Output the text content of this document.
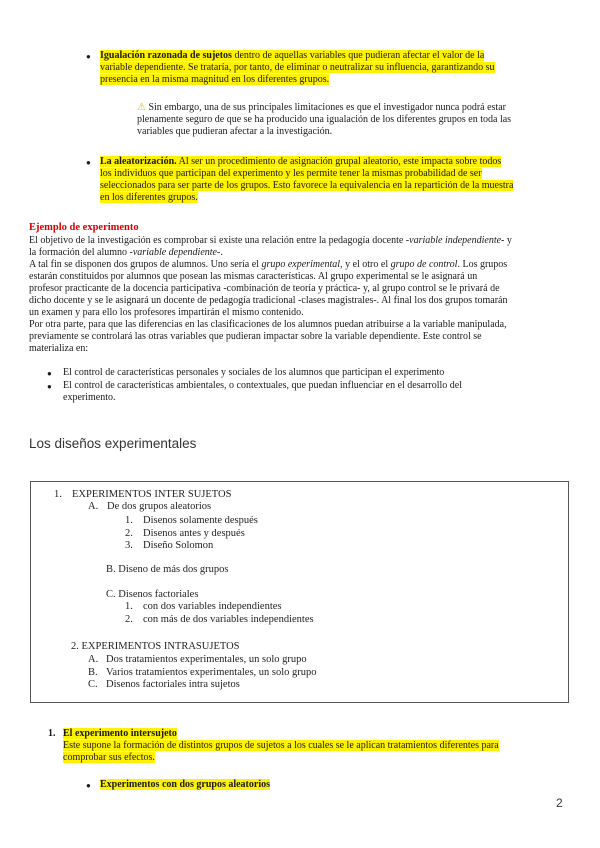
● Igualación razonada de sujetos dentro de aquellas variables que pudieran afectar el valor de la
variable dependiente. Se trataría, por tanto, de eliminar o neutralizar su influencia, garantizando su
presencia en la misma magnitud en los diferentes grupos.
⚠ Sin embargo, una de sus principales limitaciones es que el investigador nunca podrá estar
plenamente seguro de que se ha producido una igualación de los diferentes grupos en toda las
variables que pudieran afectar a la investigación.
● La aleatorización. Al ser un procedimiento de asignación grupal aleatorio, este impacta sobre todos
los individuos que participan del experimento y les permite tener la mismas probabilidad de ser
seleccionados para ser parte de los grupos. Esto favorece la equivalencia en la repartición de la muestra
en los diferentes grupos.
Ejemplo de experimento
El objetivo de la investigación es comprobar si existe una relación entre la pedagogía docente -variable independiente- y
la formación del alumno -variable dependiente-.
A tal fin se disponen dos grupos de alumnos. Uno sería el grupo experimental, y el otro el grupo de control. Los grupos
estarán constituidos por alumnos que posean las mismas características. Al grupo experimental se le asignará un
profesor practicante de la docencia participativa -combinación de teoría y práctica- y, al grupo control se le privará de
dicho docente y se le asignará un docente de pedagogía tradicional -clases magistrales-. Al final los dos grupos tomarán
un examen y para ello los profesores impartirán el mismo contenido.
Por otra parte, para que las diferencias en las clasificaciones de los alumnos puedan atribuirse a la variable manipulada,
previamente se controlará las otras variables que pudieran impactar sobre la variable dependiente. Este control se
materializa en:
● El control de características personales y sociales de los alumnos que participan el experimento
● El control de características ambientales, o contextuales, que puedan influenciar en el desarrollo del
experimento.
Los diseños experimentales
1. EXPERIMENTOS INTER SUJETOS
A. De dos grupos aleatorios
1. Disenos solamente después
2. Disenos antes y después
3. Diseño Solomon
B. Diseno de más dos grupos
C. Disenos factoriales
1. con dos variables independientes
2. con más de dos variables independientes
2. EXPERIMENTOS INTRASUJETOS
A. Dos tratamientos experimentales, un solo grupo
B. Varios tratamientos experimentales, un solo grupo
C. Disenos factoriales intra sujetos
1. El experimento intersujeto
Este supone la formación de distintos grupos de sujetos a los cuales se le aplican tratamientos diferentes para
comprobar sus efectos.
● Experimentos con dos grupos aleatorios
2
